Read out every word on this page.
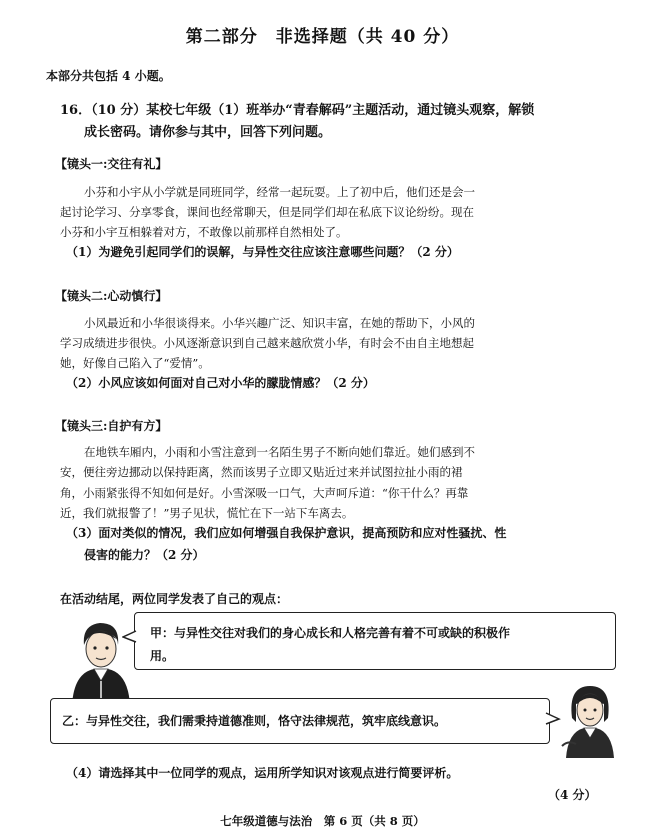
第二部分　非选择题（共 40 分）
本部分共包括 4 小题。
16．（10 分）某校七年级（1）班举办“青春解码”主题活动，通过镜头观察，解锁
成长密码。请你参与其中，回答下列问题。
【镜头一:交往有礼】
小芬和小宇从小学就是同班同学，经常一起玩耍。上了初中后，他们还是会一
起讨论学习、分享零食，课间也经常聊天，但是同学们却在私底下议论纷纷。现在
小芬和小宇互相躲着对方，不敢像以前那样自然相处了。
（1）为避免引起同学们的误解，与异性交往应该注意哪些问题？（2 分）
【镜头二:心动慎行】
小风最近和小华很谈得来。小华兴趣广泛、知识丰富，在她的帮助下，小风的
学习成绩进步很快。小风逐渐意识到自己越来越欣赏小华，有时会不由自主地想起
她，好像自己陷入了“爱情”。
（2）小风应该如何面对自己对小华的朦胧情感？（2 分）
【镜头三:自护有方】
在地铁车厢内，小雨和小雪注意到一名陌生男子不断向她们靠近。她们感到不
安，便往旁边挪动以保持距离，然而该男子立即又贴近过来并试图拉扯小雨的裙
角，小雨紧张得不知如何是好。小雪深吸一口气，大声呵斥道：“你干什么？再靠
近，我们就报警了！”男子见状，慌忙在下一站下车离去。
（3）面对类似的情况，我们应如何增强自我保护意识，提高预防和应对性骚扰、性
侵害的能力？（2 分）
在活动结尾，两位同学发表了自己的观点：
甲：与异性交往对我们的身心成长和人格完善有着不可或缺的积极作
用。
乙：与异性交往，我们需秉持道德准则，恪守法律规范，筑牢底线意识。
（4）请选择其中一位同学的观点，运用所学知识对该观点进行简要评析。
（4 分）
七年级道德与法治　第 6 页（共 8 页）
